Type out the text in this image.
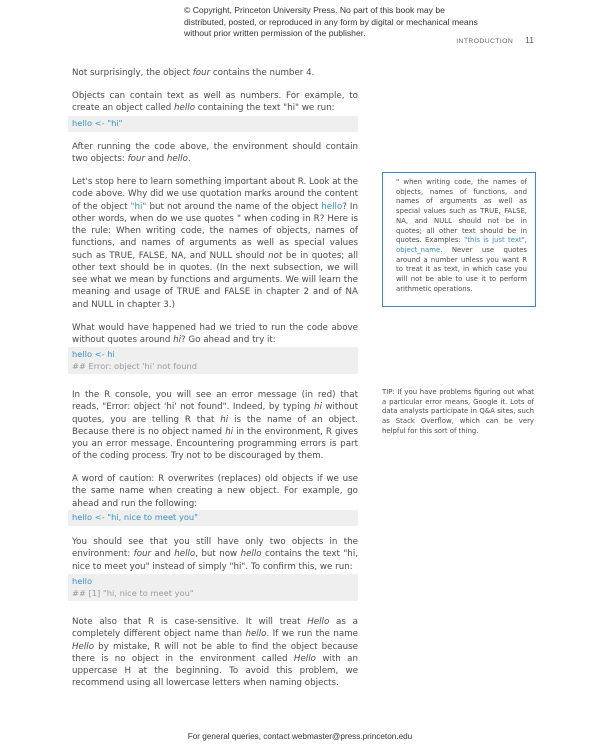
© Copyright, Princeton University Press. No part of this book may be distributed, posted, or reproduced in any form by digital or mechanical means without prior written permission of the publisher.
INTRODUCTION 11

Not surprisingly, the object four contains the number 4.

Objects can contain text as well as numbers. For example, to create an object called hello containing the text "hi" we run:

hello <- "hi"

After running the code above, the environment should contain two objects: four and hello.

Let's stop here to learn something important about R. Look at the code above. Why did we use quotation marks around the content of the object "hi" but not around the name of the object hello? In other words, when do we use quotes " when coding in R? Here is the rule: When writing code, the names of objects, names of functions, and names of arguments as well as special values such as TRUE, FALSE, NA, and NULL should not be in quotes; all other text should be in quotes. (In the next subsection, we will see what we mean by functions and arguments. We will learn the meaning and usage of TRUE and FALSE in chapter 2 and of NA and NULL in chapter 3.)

What would have happened had we tried to run the code above without quotes around hi? Go ahead and try it:

hello <- hi
## Error: object 'hi' not found

In the R console, you will see an error message (in red) that reads, "Error: object 'hi' not found". Indeed, by typing hi without quotes, you are telling R that hi is the name of an object. Because there is no object named hi in the environment, R gives you an error message. Encountering programming errors is part of the coding process. Try not to be discouraged by them.

A word of caution: R overwrites (replaces) old objects if we use the same name when creating a new object. For example, go ahead and run the following:

hello <- "hi, nice to meet you"

You should see that you still have only two objects in the environment: four and hello, but now hello contains the text "hi, nice to meet you" instead of simply "hi". To confirm this, we run:

hello
## [1] "hi, nice to meet you"

Note also that R is case-sensitive. It will treat Hello as a completely different object name than hello. If we run the name Hello by mistake, R will not be able to find the object because there is no object in the environment called Hello with an uppercase H at the beginning. To avoid this problem, we recommend using all lowercase letters when naming objects.

" when writing code, the names of objects, names of functions, and names of arguments as well as special values such as TRUE, FALSE, NA, and NULL should not be in quotes; all other text should be in quotes. Examples: "this is just text", object_name. Never use quotes around a number unless you want R to treat it as text, in which case you will not be able to use it to perform arithmetic operations.

TIP: If you have problems figuring out what a particular error means, Google it. Lots of data analysts participate in Q&A sites, such as Stack Overflow, which can be very helpful for this sort of thing.

For general queries, contact webmaster@press.princeton.edu
